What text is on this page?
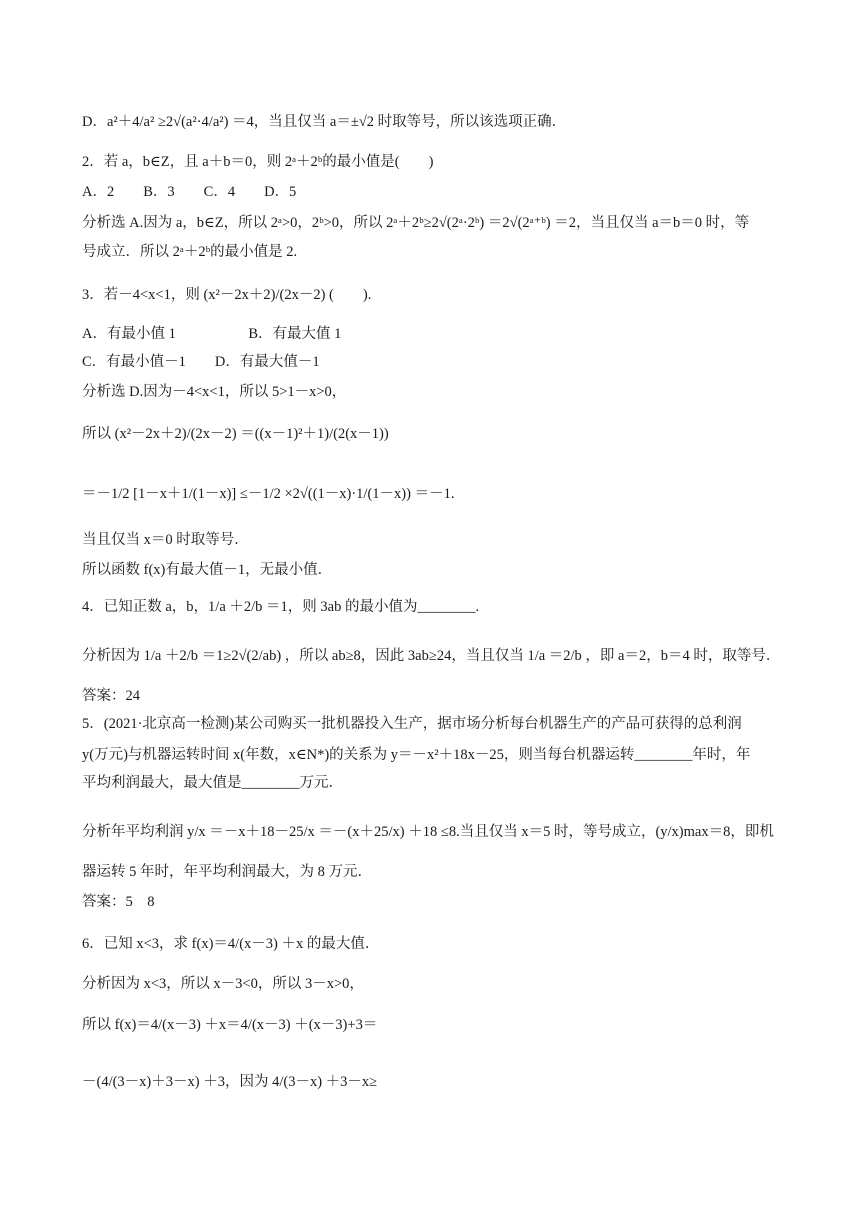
D．a²＋4/a² ≥2√(a²·4/a²) ＝4，当且仅当 a＝±√2 时取等号，所以该选项正确．
2．若 a，b∈Z，且 a＋b＝0，则 2ᵃ＋2ᵇ的最小值是(　　)
A．2　　B．3　　C．4　　D．5
分析选 A.因为 a，b∈Z，所以 2ᵃ>0，2ᵇ>0，所以 2ᵃ＋2ᵇ≥2√(2ᵃ·2ᵇ) ＝2√(2ᵃ⁺ᵇ) ＝2，当且仅当 a＝b＝0 时，等
号成立．所以 2ᵃ＋2ᵇ的最小值是 2.
3．若－4<x<1，则 (x²－2x＋2)/(2x－2) (　　).
A．有最小值 1　　　　　B．有最大值 1
C．有最小值－1　　D．有最大值－1
分析选 D.因为－4<x<1，所以 5>1－x>0，
所以 (x²－2x＋2)/(2x－2) ＝((x－1)²＋1)/(2(x－1))
＝－1/2 [1－x＋1/(1－x)] ≤－1/2 ×2√((1－x)·1/(1－x)) ＝－1.
当且仅当 x＝0 时取等号．
所以函数 f(x)有最大值－1，无最小值．
4．已知正数 a，b，1/a ＋2/b ＝1，则 3ab 的最小值为________.
分析因为 1/a ＋2/b ＝1≥2√(2/ab) ，所以 ab≥8，因此 3ab≥24，当且仅当 1/a ＝2/b ，即 a＝2，b＝4 时，取等号．
答案：24
5．(2021·北京高一检测)某公司购买一批机器投入生产，据市场分析每台机器生产的产品可获得的总利润
y(万元)与机器运转时间 x(年数，x∈N*)的关系为 y＝－x²＋18x－25，则当每台机器运转________年时，年
平均利润最大，最大值是________万元．
分析年平均利润 y/x ＝－x＋18－25/x ＝－(x＋25/x) ＋18 ≤8.当且仅当 x＝5 时，等号成立，(y/x)max＝8，即机
器运转 5 年时，年平均利润最大，为 8 万元．
答案：5　8
6．已知 x<3，求 f(x)＝4/(x－3) ＋x 的最大值．
分析因为 x<3，所以 x－3<0，所以 3－x>0，
所以 f(x)＝4/(x－3) ＋x＝4/(x－3) ＋(x－3)+3＝
－(4/(3－x)＋3－x) ＋3，因为 4/(3－x) ＋3－x≥
